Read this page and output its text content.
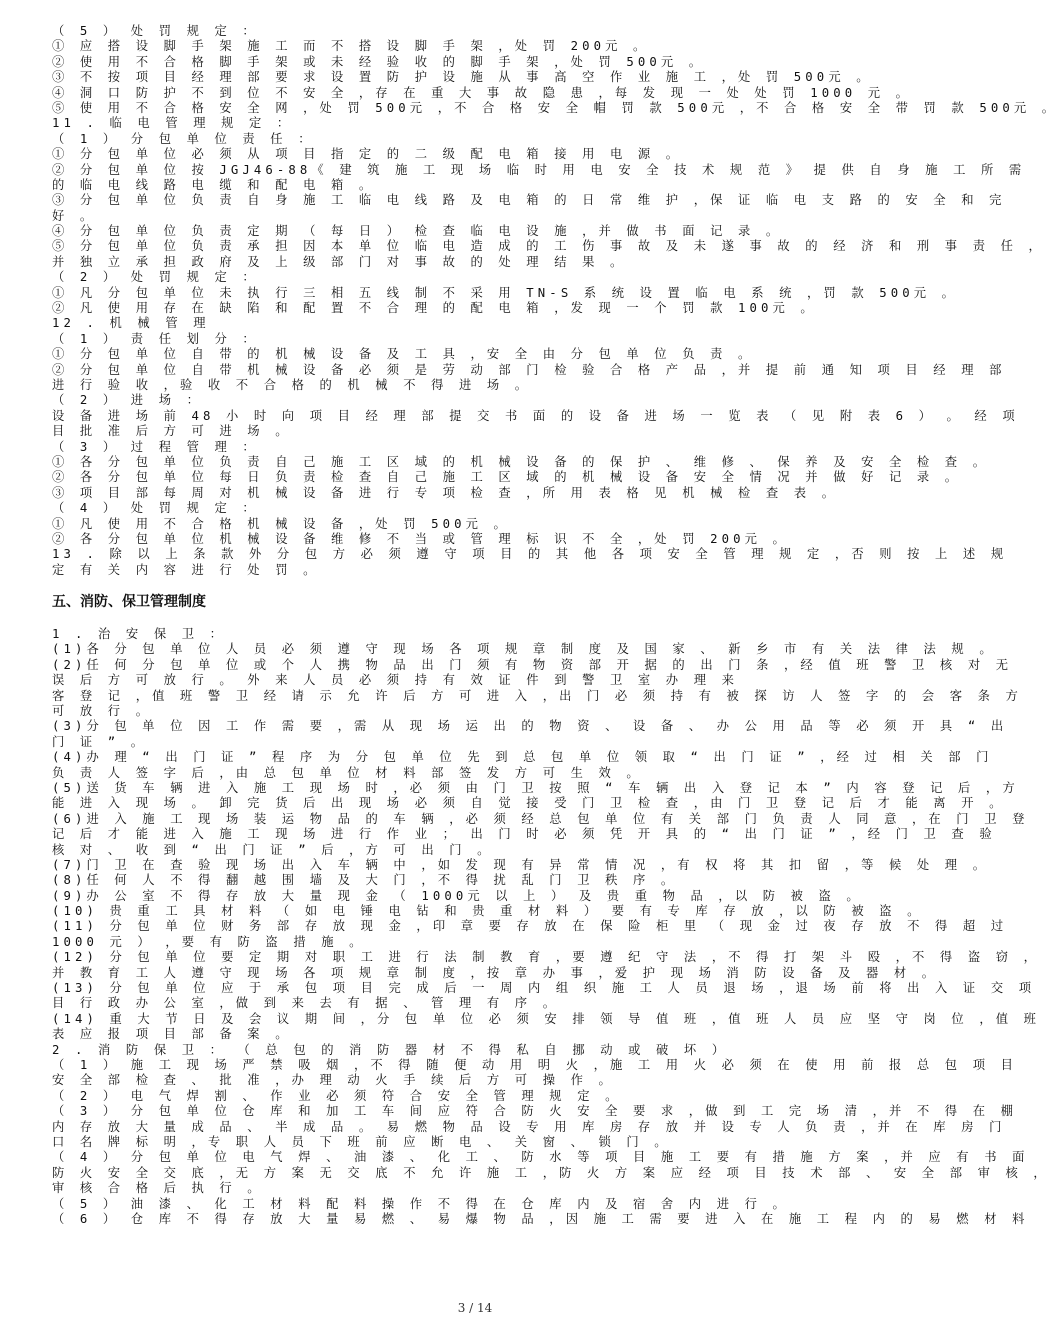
（ 5 ） 处 罚 规 定 ：
① 应 搭 设 脚 手 架 施 工 而 不 搭 设 脚 手 架 ，处 罚 200元 。
② 使 用 不 合 格 脚 手 架 或 未 经 验 收 的 脚 手 架 ，处 罚 500元 。
③ 不 按 项 目 经 理 部 要 求 设 置 防 护 设 施 从 事 高 空 作 业 施 工 ，处 罚 500元 。
④ 洞 口 防 护 不 到 位 不 安 全 ，存 在 重 大 事 故 隐 患 ，每 发 现 一 处 处 罚 1000 元 。
⑤ 使 用 不 合 格 安 全 网 ，处 罚 500元 ，不 合 格 安 全 帽 罚 款 500元 ，不 合 格 安 全 带 罚 款 500元 。
11 . 临 电 管 理 规 定 ：
（ 1 ） 分 包 单 位 责 任 ：
① 分 包 单 位 必 须 从 项 目 指 定 的 二 级 配 电 箱 接 用 电 源 。
② 分 包 单 位 按 JGJ46-88《 建 筑 施 工 现 场 临 时 用 电 安 全 技 术 规 范 》 提 供 自 身 施 工 所 需
的 临 电 线 路 电 缆 和 配 电 箱 。
③ 分 包 单 位 负 责 自 身 施 工 临 电 线 路 及 电 箱 的 日 常 维 护 ，保 证 临 电 支 路 的 安 全 和 完
好 。
④ 分 包 单 位 负 责 定 期 （ 每 日 ） 检 查 临 电 设 施 ，并 做 书 面 记 录 。
⑤ 分 包 单 位 负 责 承 担 因 本 单 位 临 电 造 成 的 工 伤 事 故 及 未 遂 事 故 的 经 济 和 刑 事 责 任 ，
并 独 立 承 担 政 府 及 上 级 部 门 对 事 故 的 处 理 结 果 。
（ 2 ） 处 罚 规 定 ：
① 凡 分 包 单 位 未 执 行 三 相 五 线 制 不 采 用 TN-S 系 统 设 置 临 电 系 统 ，罚 款 500元 。
② 凡 使 用 存 在 缺 陷 和 配 置 不 合 理 的 配 电 箱 ，发 现 一 个 罚 款 100元 。
12 . 机 械 管 理
（ 1 ） 责 任 划 分 ：
① 分 包 单 位 自 带 的 机 械 设 备 及 工 具 ，安 全 由 分 包 单 位 负 责 。
② 分 包 单 位 自 带 机 械 设 备 必 须 是 劳 动 部 门 检 验 合 格 产 品 ，并 提 前 通 知 项 目 经 理 部
进 行 验 收 ，验 收 不 合 格 的 机 械 不 得 进 场 。
（ 2 ） 进 场 ：
设 备 进 场 前 48 小 时 向 项 目 经 理 部 提 交 书 面 的 设 备 进 场 一 览 表 （ 见 附 表 6 ） 。 经 项
目 批 准 后 方 可 进 场 。
（ 3 ） 过 程 管 理 ：
① 各 分 包 单 位 负 责 自 己 施 工 区 域 的 机 械 设 备 的 保 护 、 维 修 、 保 养 及 安 全 检 查 。
② 各 分 包 单 位 每 日 负 责 检 查 自 己 施 工 区 域 的 机 械 设 备 安 全 情 况 并 做 好 记 录 。
③ 项 目 部 每 周 对 机 械 设 备 进 行 专 项 检 查 ，所 用 表 格 见 机 械 检 查 表 。
（ 4 ） 处 罚 规 定 ：
① 凡 使 用 不 合 格 机 械 设 备 ，处 罚 500元 。
② 各 分 包 单 位 机 械 设 备 维 修 不 当 或 管 理 标 识 不 全 ，处 罚 200元 。
13 . 除 以 上 条 款 外 分 包 方 必 须 遵 守 项 目 的 其 他 各 项 安 全 管 理 规 定 ，否 则 按 上 述 规
定 有 关 内 容 进 行 处 罚 。
五、消防、保卫管理制度
1 . 治 安 保 卫 ：
(1)各 分 包 单 位 人 员 必 须 遵 守 现 场 各 项 规 章 制 度 及 国 家 、 新 乡 市 有 关 法 律 法 规 。
(2)任 何 分 包 单 位 或 个 人 携 物 品 出 门 须 有 物 资 部 开 据 的 出 门 条 ，经 值 班 警 卫 核 对 无
误 后 方 可 放 行 。 外 来 人 员 必 须 持 有 效 证 件 到 警 卫 室 办 理 来
客 登 记 ，值 班 警 卫 经 请 示 允 许 后 方 可 进 入 ，出 门 必 须 持 有 被 探 访 人 签 字 的 会 客 条 方
可 放 行 。
(3)分 包 单 位 因 工 作 需 要 ，需 从 现 场 运 出 的 物 资 、 设 备 、 办 公 用 品 等 必 须 开 具 “ 出
门 证 ” 。
(4)办 理 “ 出 门 证 ” 程 序 为 分 包 单 位 先 到 总 包 单 位 领 取 “ 出 门 证 ” ，经 过 相 关 部 门
负 责 人 签 字 后 ，由 总 包 单 位 材 料 部 签 发 方 可 生 效 。
(5)送 货 车 辆 进 入 施 工 现 场 时 ，必 须 由 门 卫 按 照 “ 车 辆 出 入 登 记 本 ” 内 容 登 记 后 ，方
能 进 入 现 场 。 卸 完 货 后 出 现 场 必 须 自 觉 接 受 门 卫 检 查 ，由 门 卫 登 记 后 才 能 离 开 。
(6)进 入 施 工 现 场 装 运 物 品 的 车 辆 ，必 须 经 总 包 单 位 有 关 部 门 负 责 人 同 意 ，在 门 卫 登
记 后 才 能 进 入 施 工 现 场 进 行 作 业 ； 出 门 时 必 须 凭 开 具 的 “ 出 门 证 ” ，经 门 卫 查 验
核 对 、 收 到 “ 出 门 证 ” 后 ，方 可 出 门 。
(7)门 卫 在 查 验 现 场 出 入 车 辆 中 ，如 发 现 有 异 常 情 况 ，有 权 将 其 扣 留 ，等 候 处 理 。
(8)任 何 人 不 得 翻 越 围 墙 及 大 门 ，不 得 扰 乱 门 卫 秩 序 。
(9)办 公 室 不 得 存 放 大 量 现 金 （ 1000元 以 上 ） 及 贵 重 物 品 ，以 防 被 盗 。
(10) 贵 重 工 具 材 料 （ 如 电 锤 电 钻 和 贵 重 材 料 ） 要 有 专 库 存 放 ，以 防 被 盗 。
(11) 分 包 单 位 财 务 部 存 放 现 金 ，印 章 要 存 放 在 保 险 柜 里 （ 现 金 过 夜 存 放 不 得 超 过
1000 元 ） ，要 有 防 盗 措 施 。
(12) 分 包 单 位 要 定 期 对 职 工 进 行 法 制 教 育 ，要 遵 纪 守 法 ，不 得 打 架 斗 殴 ，不 得 盗 窃 ，
并 教 育 工 人 遵 守 现 场 各 项 规 章 制 度 ，按 章 办 事 ，爱 护 现 场 消 防 设 备 及 器 材 。
(13) 分 包 单 位 应 于 承 包 项 目 完 成 后 一 周 内 组 织 施 工 人 员 退 场 ，退 场 前 将 出 入 证 交 项
目 行 政 办 公 室 ，做 到 来 去 有 据 、 管 理 有 序 。
(14) 重 大 节 日 及 会 议 期 间 ，分 包 单 位 必 须 安 排 领 导 值 班 ，值 班 人 员 应 坚 守 岗 位 ，值 班
表 应 报 项 目 部 备 案 。
2 . 消 防 保 卫 ： （ 总 包 的 消 防 器 材 不 得 私 自 挪 动 或 破 坏 ）
（ 1 ） 施 工 现 场 严 禁 吸 烟 ，不 得 随 便 动 用 明 火 ，施 工 用 火 必 须 在 使 用 前 报 总 包 项 目
安 全 部 检 查 、 批 准 ，办 理 动 火 手 续 后 方 可 操 作 。
（ 2 ） 电 气 焊 割 、 作 业 必 须 符 合 安 全 管 理 规 定 。
（ 3 ） 分 包 单 位 仓 库 和 加 工 车 间 应 符 合 防 火 安 全 要 求 ，做 到 工 完 场 清 ，并 不 得 在 棚
内 存 放 大 量 成 品 、 半 成 品 。 易 燃 物 品 设 专 用 库 房 存 放 并 设 专 人 负 责 ，并 在 库 房 门
口 名 牌 标 明 ，专 职 人 员 下 班 前 应 断 电 、 关 窗 、 锁 门 。
（ 4 ） 分 包 单 位 电 气 焊 、 油 漆 、 化 工 、 防 水 等 项 目 施 工 要 有 措 施 方 案 ，并 应 有 书 面
防 火 安 全 交 底 ，无 方 案 无 交 底 不 允 许 施 工 ，防 火 方 案 应 经 项 目 技 术 部 、 安 全 部 审 核 ，
审 核 合 格 后 执 行 。
（ 5 ） 油 漆 、 化 工 材 料 配 料 操 作 不 得 在 仓 库 内 及 宿 舍 内 进 行 。
（ 6 ） 仓 库 不 得 存 放 大 量 易 燃 、 易 爆 物 品 ，因 施 工 需 要 进 入 在 施 工 程 内 的 易 燃 材 料
3 / 14
